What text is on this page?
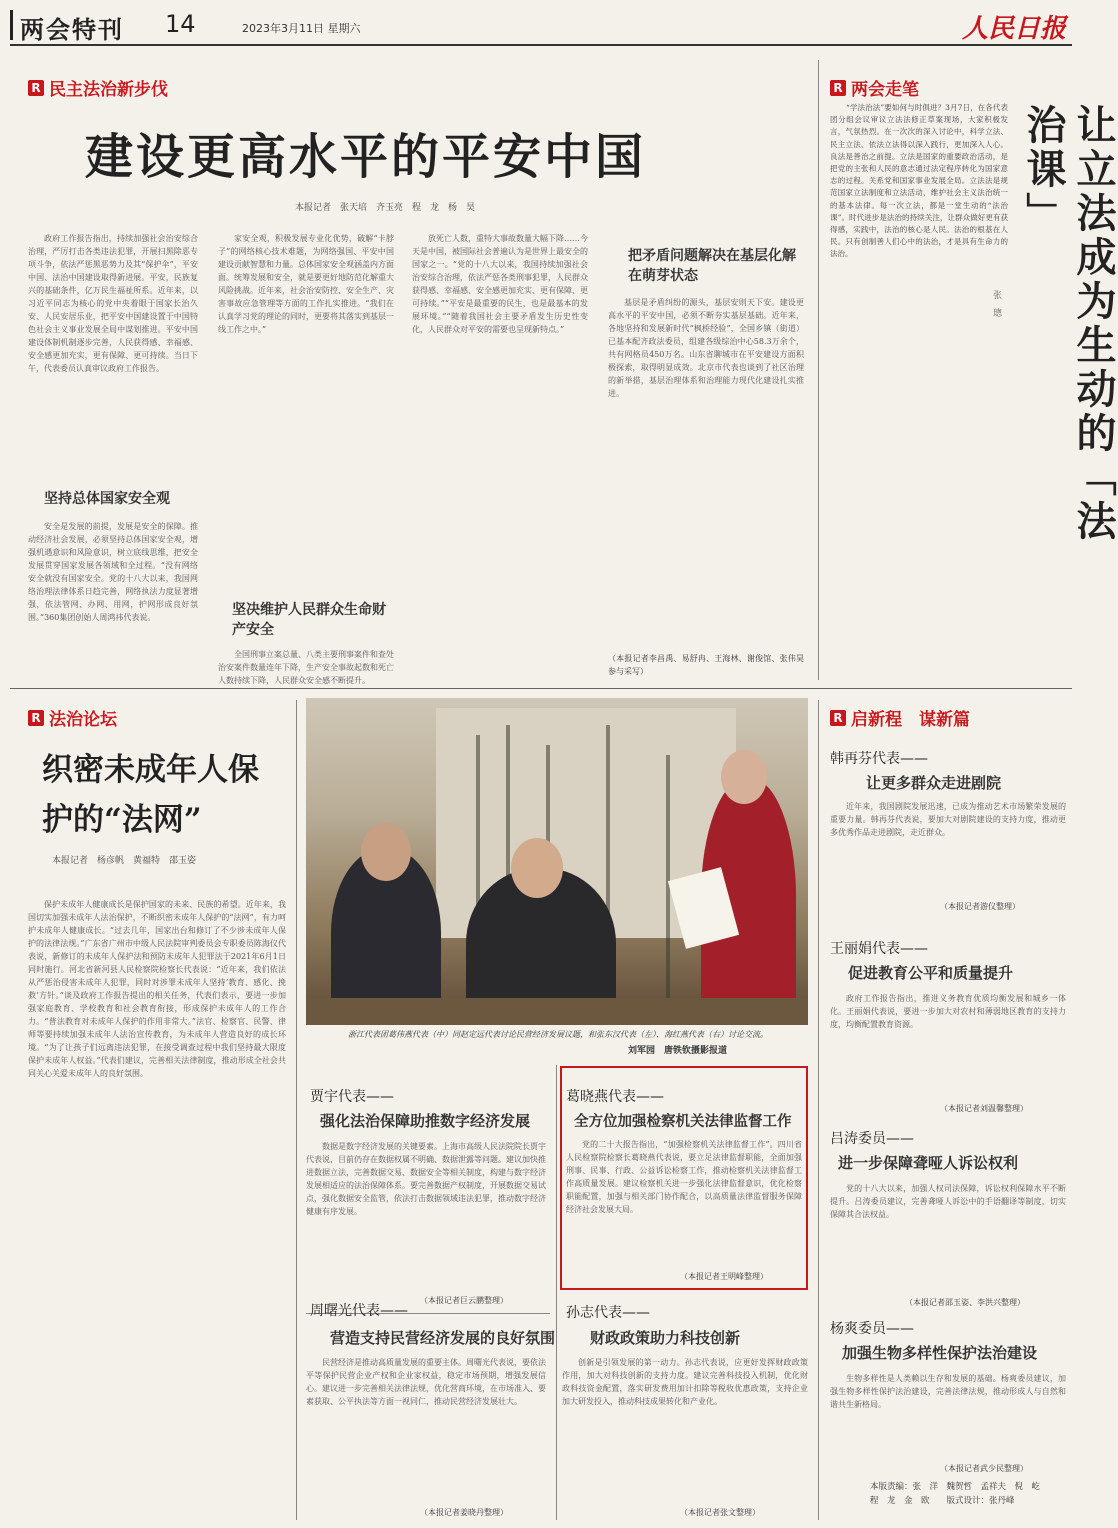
两会特刊 14	2023年3月11日 星期六	人民日报
R 民主法治新步伐
建设更高水平的平安中国
本报记者　张天培　齐玉亮　程　龙　杨　昊

政府工作报告指出，持续加强社会治安综合治理，严厉打击各类违法犯罪，开展扫黑除恶专项斗争，依法严惩黑恶势力及其“保护伞”，平安中国、法治中国建设取得新进展。平安，民族复兴的基础条件，亿万民生福祉所系。近年来，以习近平同志为核心的党中央着眼于国家长治久安、人民安居乐业，把平安中国建设置于中国特色社会主义事业发展全局中谋划推进。平安中国建设体制机制逐步完善，人民获得感、幸福感、安全感更加充实，更有保障、更可持续。当日下午，代表委员认真审议政府工作报告。

坚持总体国家安全观

安全是发展的前提，发展是安全的保障。推动经济社会发展，必须坚持总体国家安全观，增强机遇意识和风险意识，树立底线思维，把安全发展贯穿国家发展各领域和全过程。“没有网络安全就没有国家安全。党的十八大以来，我国网络治理法律体系日趋完善，网络执法力度显著增强，依法管网、办网、用网，护网形成良好氛围。”360集团创始人周鸿祎代表说。

家安全观，积极发展专业化优势，破解“卡脖子”的网络核心技术难题，为网络强国、平安中国建设贡献智慧和力量。总体国家安全观涵盖内方面面。统筹发展和安全，就是要更好地防范化解重大风险挑战。近年来，社会治安防控、安全生产、灾害事故应急管理等方面的工作扎实推进。“我们在认真学习党的理论的同时，更要将其落实到基层一线工作之中。”

坚决维护人民群众生命财产安全

全国刑事立案总量、八类主要刑事案件和查处治安案件数量连年下降，生产安全事故起数和死亡人数持续下降，人民群众安全感不断提升。

放死亡人数，重特大事故数量大幅下降……今天是中国，被国际社会普遍认为是世界上最安全的国家之一。“党的十八大以来，我国持续加强社会治安综合治理，依法严惩各类刑事犯罪，人民群众获得感、幸福感、安全感更加充实、更有保障、更可持续。”“平安是最重要的民生，也是最基本的发展环境。”“随着我国社会主要矛盾发生历史性变化，人民群众对平安的需要也呈现新特点。”

把矛盾问题解决在基层化解在萌芽状态

基层是矛盾纠纷的源头，基层安则天下安。建设更高水平的平安中国，必须不断夯实基层基础。近年来，各地坚持和发展新时代“枫桥经验”，全国乡镇（街道）已基本配齐政法委员，组建各级综治中心58.3万余个，共有网格员450万名。山东省聊城市在平安建设方面积极探索，取得明显成效。北京市代表也谈到了社区治理的新举措，基层治理体系和治理能力现代化建设扎实推进。

（本报记者李昌禹、易舒冉、王海林、谢俊馆、张伟昊参与采写）
R 两会走笔

“学法治法”要如何与时俱进？3月7日，在各代表团分组会议审议立法法修正草案现场，大家积极发言，气氛热烈。在一次次的深入讨论中，科学立法、民主立法、依法立法得以深入践行，更加深入人心。良法是善治之前提。立法是国家的重要政治活动，是把党的主张和人民的意志通过法定程序转化为国家意志的过程。关系党和国家事业发展全局。立法法是规范国家立法制度和立法活动，维护社会主义法治统一的基本法律。每一次立法，都是一堂生动的“法治课”。时代进步是法治的持续关注，让群众做好更有获得感，实践中，法治的核心是人民。法治的根基在人民。只有创制善人们心中的法治，才是具有生命力的法治。	让立法成为生动的「法治课」
张　璁
R 法治论坛
织密未成年人保护的“法网”
本报记者　杨彦帆　黄福特　邵玉姿

保护未成年人健康成长是保护国家的未来、民族的希望。近年来，我国切实加强未成年人法治保护，不断织密未成年人保护的“法网”，有力呵护未成年人健康成长。“过去几年，国家出台和修订了不少涉未成年人保护的法律法规。”广东省广州市中级人民法院审判委员会专职委员陈海仪代表说，新修订的未成年人保护法和预防未成年人犯罪法于2021年6月1日同时施行。河北省新河县人民检察院检察长代表说：“近年来，我们依法从严惩治侵害未成年人犯罪，同时对涉罪未成年人坚持‘教育、感化、挽救’方针。”谈及政府工作报告提出的相关任务，代表们表示，要进一步加强家庭教育、学校教育和社会教育衔接，形成保护未成年人的工作合力。“普法教育对未成年人保护的作用非常大。”法官、检察官、民警、律师等要持续加强未成年人法治宣传教育，为未成年人营造良好的成长环境。“为了让孩子们远离违法犯罪，在接受调查过程中我们坚持最大限度保护未成年人权益。”代表们建议，完善相关法律制度，推动形成全社会共同关心关爱未成年人的良好氛围。

浙江代表团葛伟燕代表（中）同赵定远代表讨论民营经济发展议题，和张东汉代表（左）、海红燕代表（右）讨论交流。
刘军园　唐铁钦摄影报道
贾宇代表——
强化法治保障助推数字经济发展

数据是数字经济发展的关键要素。上海市高级人民法院院长贾宇代表说，目前仍存在数据权属不明确、数据泄露等问题。建议加快推进数据立法，完善数据交易、数据安全等相关制度，构建与数字经济发展相适应的法治保障体系。要完善数据产权制度，开展数据交易试点，强化数据安全监管，依法打击数据领域违法犯罪，推动数字经济健康有序发展。

（本报记者巨云鹏整理）
周曙光代表——
营造支持民营经济发展的良好氛围

民营经济是推动高质量发展的重要主体。周曙光代表说，要依法平等保护民营企业产权和企业家权益，稳定市场预期，增强发展信心。建议进一步完善相关法律法规，优化营商环境，在市场准入、要素获取、公平执法等方面一视同仁，推动民营经济发展壮大。

（本报记者姜晓丹整理）
葛晓燕代表——
全方位加强检察机关法律监督工作

党的二十大报告指出，“加强检察机关法律监督工作”。四川省人民检察院检察长葛晓燕代表说，要立足法律监督职能，全面加强刑事、民事、行政、公益诉讼检察工作，推动检察机关法律监督工作高质量发展。建议检察机关进一步强化法律监督意识，优化检察职能配置，加强与相关部门协作配合，以高质量法律监督服务保障经济社会发展大局。

（本报记者王明峰整理）
孙志代表——
财政政策助力科技创新

创新是引领发展的第一动力。孙志代表说，应更好发挥财政政策作用，加大对科技创新的支持力度。建议完善科技投入机制，优化财政科技资金配置，落实研发费用加计扣除等税收优惠政策，支持企业加大研发投入，推动科技成果转化和产业化。

（本报记者张文整理）
R 启新程　谋新篇
韩再芬代表——
让更多群众走进剧院

近年来，我国剧院发展迅速，已成为推动艺术市场繁荣发展的重要力量。韩再芬代表说，要加大对剧院建设的支持力度，推动更多优秀作品走进剧院，走近群众。

（本报记者游仪整理）
王丽娟代表——
促进教育公平和质量提升

政府工作报告指出，推进义务教育优质均衡发展和城乡一体化。王丽娟代表说，要进一步加大对农村和薄弱地区教育的支持力度，均衡配置教育资源。

（本报记者刘温馨整理）
吕涛委员——
进一步保障聋哑人诉讼权利

党的十八大以来，加强人权司法保障，诉讼权利保障水平不断提升。吕涛委员建议，完善聋哑人诉讼中的手语翻译等制度，切实保障其合法权益。

（本报记者邵玉姿、李洪兴整理）
杨爽委员——
加强生物多样性保护法治建设

生物多样性是人类赖以生存和发展的基础。杨爽委员建议，加强生物多样性保护法治建设，完善法律法规，推动形成人与自然和谐共生新格局。

（本报记者武少民整理）
本版责编：张　洋　魏贺哲　孟祥夫　倪　屹　程　龙　金　欧　　版式设计：张丹峰
